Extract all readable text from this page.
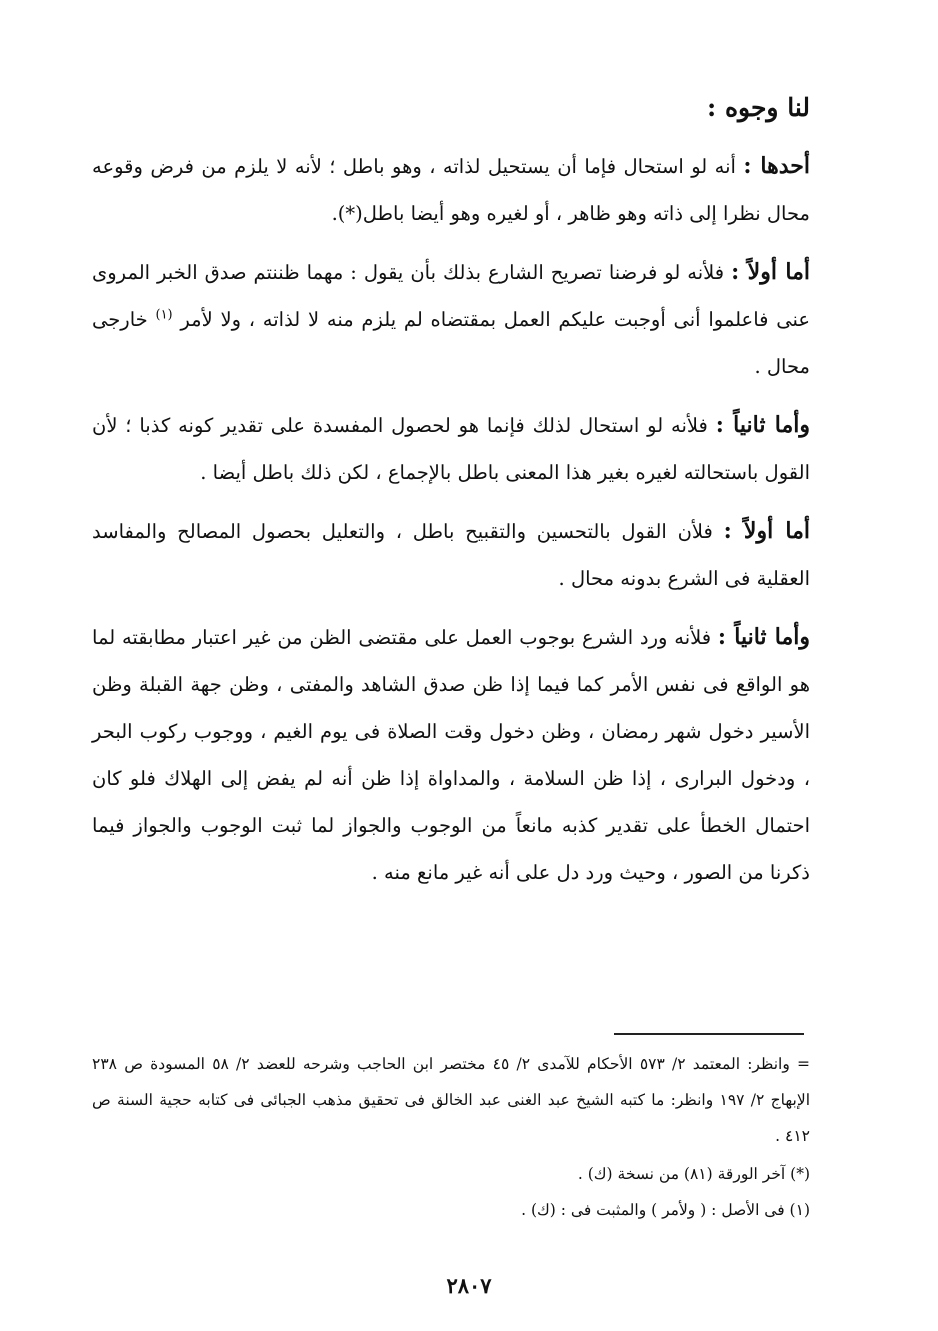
لنا وجوه :

أحدها : أنه لو استحال فإما أن يستحيل لذاته ، وهو باطل ؛ لأنه لا يلزم من فرض وقوعه محال نظرا إلى ذاته وهو ظاهر ، أو لغيره وهو أيضا باطل(*).

أما أولاً : فلأنه لو فرضنا تصريح الشارع بذلك بأن يقول : مهما ظننتم صدق الخبر المروى عنى فاعلموا أنى أوجبت عليكم العمل بمقتضاه لم يلزم منه لا لذاته ، ولا لأمر $^{(١)}$ خارجى محال .

وأما ثانياً : فلأنه لو استحال لذلك فإنما هو لحصول المفسدة على تقدير كونه كذبا ؛ لأن القول باستحالته لغيره بغير هذا المعنى باطل بالإجماع ، لكن ذلك باطل أيضا .

أما أولاً : فلأن القول بالتحسين والتقبيح باطل ، والتعليل بحصول المصالح والمفاسد العقلية فى الشرع بدونه محال .

وأما ثانياً : فلأنه ورد الشرع بوجوب العمل على مقتضى الظن من غير اعتبار مطابقته لما هو الواقع فى نفس الأمر كما فيما إذا ظن صدق الشاهد والمفتى ، وظن جهة القبلة وظن الأسير دخول شهر رمضان ، وظن دخول وقت الصلاة فى يوم الغيم ، ووجوب ركوب البحر ، ودخول البرارى ، إذا ظن السلامة ، والمداواة إذا ظن أنه لم يفض إلى الهلاك فلو كان احتمال الخطأ على تقدير كذبه مانعاً من الوجوب والجواز لما ثبت الوجوب والجواز فيما ذكرنا من الصور ، وحيث ورد دل على أنه غير مانع منه .

= وانظر: المعتمد ٢/ ٥٧٣ الأحكام للآمدى ٢/ ٤٥ مختصر ابن الحاجب وشرحه للعضد ٢/ ٥٨ المسودة ص ٢٣٨ الإبهاج ٢/ ١٩٧ وانظر: ما كتبه الشيخ عبد الغنى عبد الخالق فى تحقيق مذهب الجبائى فى كتابه حجية السنة ص ٤١٢ .

(*) آخر الورقة (٨١) من نسخة (ك) .

(١) فى الأصل : ( ولأمر ) والمثبت فى : (ك) .

٢٨٠٧
